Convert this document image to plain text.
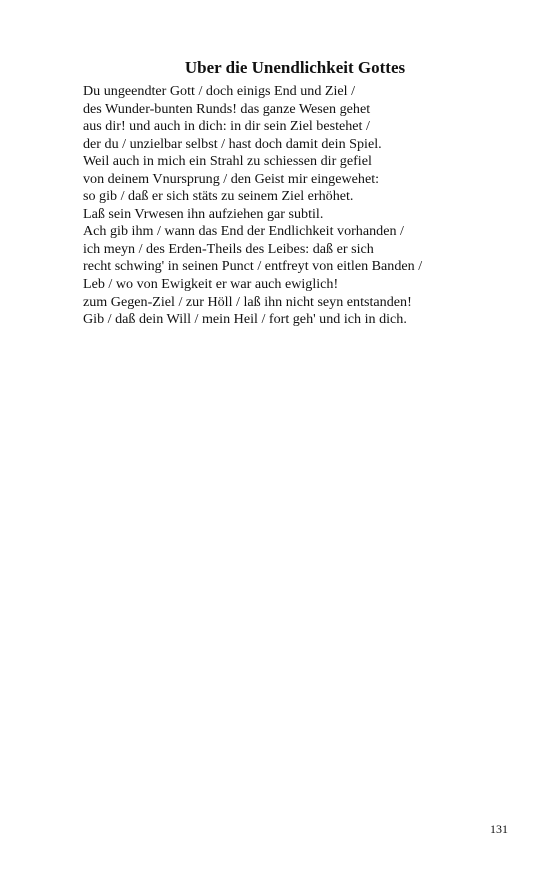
Uber die Unendlichkeit Gottes
Du ungeendter Gott / doch einigs End und Ziel /
des Wunder-bunten Runds! das ganze Wesen gehet
aus dir! und auch in dich: in dir sein Ziel bestehet /
der du / unzielbar selbst / hast doch damit dein Spiel.
Weil auch in mich ein Strahl zu schiessen dir gefiel
von deinem Vnursprung / den Geist mir eingewehet:
so gib / daß er sich stäts zu seinem Ziel erhöhet.
Laß sein Vrwesen ihn aufziehen gar subtil.
Ach gib ihm / wann das End der Endlichkeit vorhanden /
ich meyn / des Erden-Theils des Leibes: daß er sich
recht schwing' in seinen Punct / entfreyt von eitlen Banden /
Leb / wo von Ewigkeit er war auch ewiglich!
zum Gegen-Ziel / zur Höll / laß ihn nicht seyn entstanden!
Gib / daß dein Will / mein Heil / fort geh' und ich in dich.
131
